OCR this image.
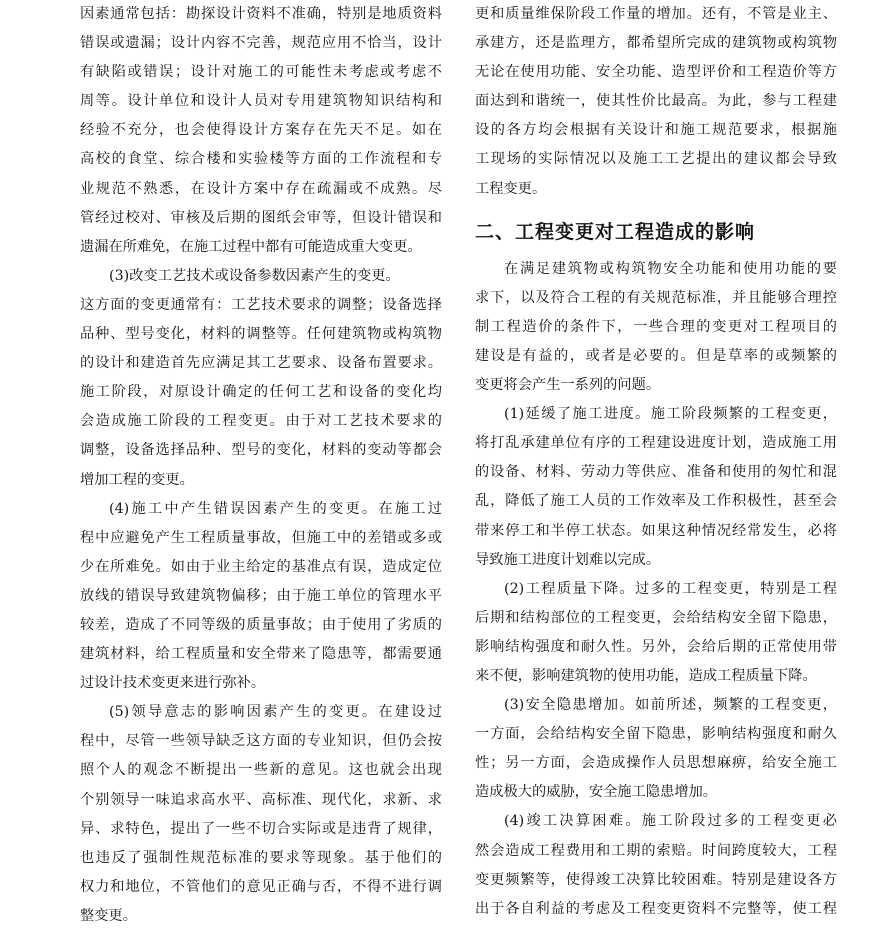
因素通常包括：勘探设计资料不准确，特别是地质资料
错误或遗漏；设计内容不完善，规范应用不恰当，设计
有缺陷或错误；设计对施工的可能性未考虑或考虑不
周等。设计单位和设计人员对专用建筑物知识结构和
经验不充分，也会使得设计方案存在先天不足。如在
高校的食堂、综合楼和实验楼等方面的工作流程和专
业规范不熟悉，在设计方案中存在疏漏或不成熟。尽
管经过校对、审核及后期的图纸会审等，但设计错误和
遗漏在所难免，在施工过程中都有可能造成重大变更。
(3)改变工艺技术或设备参数因素产生的变更。
这方面的变更通常有：工艺技术要求的调整；设备选择
品种、型号变化，材料的调整等。任何建筑物或构筑物
的设计和建造首先应满足其工艺要求、设备布置要求。
施工阶段，对原设计确定的任何工艺和设备的变化均
会造成施工阶段的工程变更。由于对工艺技术要求的
调整，设备选择品种、型号的变化，材料的变动等都会
增加工程的变更。
(4)施工中产生错误因素产生的变更。在施工过
程中应避免产生工程质量事故，但施工中的差错或多或
少在所难免。如由于业主给定的基准点有误，造成定位
放线的错误导致建筑物偏移；由于施工单位的管理水平
较差，造成了不同等级的质量事故；由于使用了劣质的
建筑材料，给工程质量和安全带来了隐患等，都需要通
过设计技术变更来进行弥补。
(5)领导意志的影响因素产生的变更。在建设过
程中，尽管一些领导缺乏这方面的专业知识，但仍会按
照个人的观念不断提出一些新的意见。这也就会出现
个别领导一味追求高水平、高标准、现代化，求新、求
异、求特色，提出了一些不切合实际或是违背了规律，
也违反了强制性规范标准的要求等现象。基于他们的
权力和地位，不管他们的意见正确与否，不得不进行调
整变更。
更和质量维保阶段工作量的增加。还有，不管是业主、
承建方，还是监理方，都希望所完成的建筑物或构筑物
无论在使用功能、安全功能、造型评价和工程造价等方
面达到和谐统一，使其性价比最高。为此，参与工程建
设的各方均会根据有关设计和施工规范要求，根据施
工现场的实际情况以及施工工艺提出的建议都会导致
工程变更。
二、工程变更对工程造成的影响
在满足建筑物或构筑物安全功能和使用功能的要
求下，以及符合工程的有关规范标准，并且能够合理控
制工程造价的条件下，一些合理的变更对工程项目的
建设是有益的，或者是必要的。但是草率的或频繁的
变更将会产生一系列的问题。
(1)延缓了施工进度。施工阶段频繁的工程变更，
将打乱承建单位有序的工程建设进度计划，造成施工用
的设备、材料、劳动力等供应、准备和使用的匆忙和混
乱，降低了施工人员的工作效率及工作积极性，甚至会
带来停工和半停工状态。如果这种情况经常发生，必将
导致施工进度计划难以完成。
(2)工程质量下降。过多的工程变更，特别是工程
后期和结构部位的工程变更，会给结构安全留下隐患，
影响结构强度和耐久性。另外，会给后期的正常使用带
来不便，影响建筑物的使用功能，造成工程质量下降。
(3)安全隐患增加。如前所述，频繁的工程变更，
一方面，会给结构安全留下隐患，影响结构强度和耐久
性；另一方面，会造成操作人员思想麻痹，给安全施工
造成极大的威胁，安全施工隐患增加。
(4)竣工决算困难。施工阶段过多的工程变更必
然会造成工程费用和工期的索赔。时间跨度较大，工程
变更频繁等，使得竣工决算比较困难。特别是建设各方
出于各自利益的考虑及工程变更资料不完整等，使工程
